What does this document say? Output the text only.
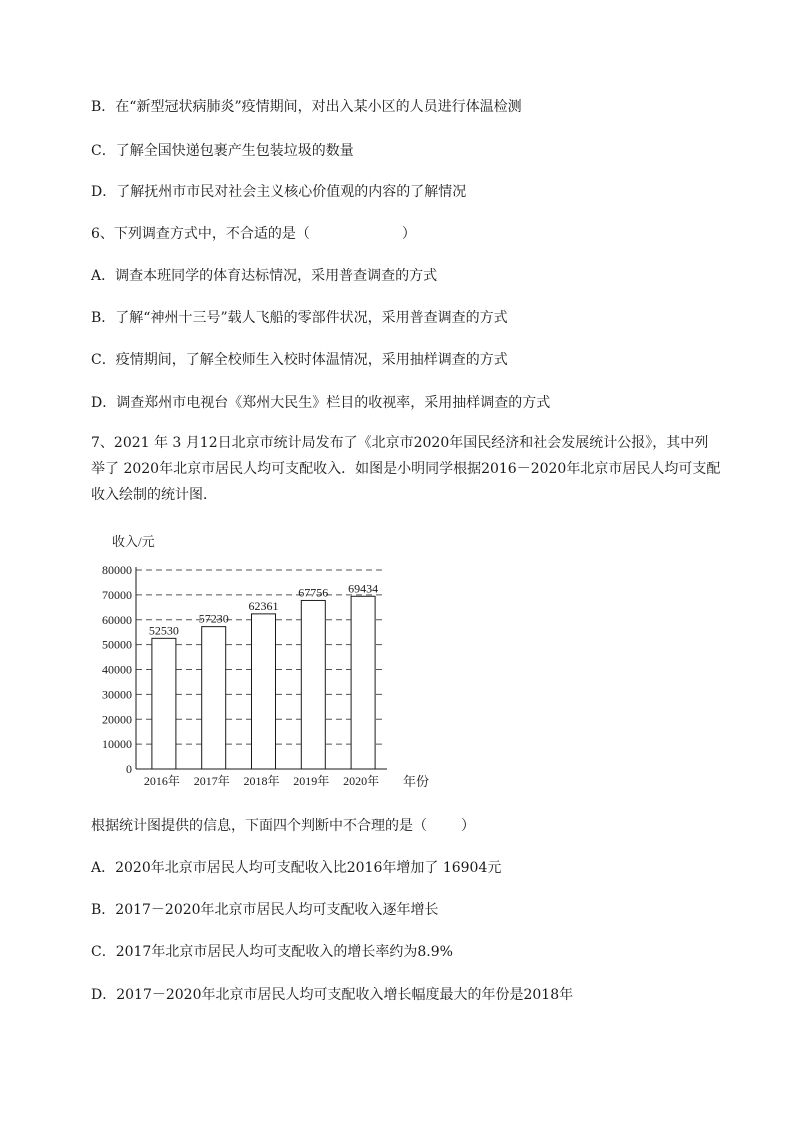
B．在“新型冠状病肺炎”疫情期间，对出入某小区的人员进行体温检测
C．了解全国快递包裹产生包装垃圾的数量
D．了解抚州市市民对社会主义核心价值观的内容的了解情况
6、下列调查方式中，不合适的是（	）
A．调查本班同学的体育达标情况，采用普查调查的方式
B．了解“神州十三号”载人飞船的零部件状况，采用普查调查的方式
C．疫情期间，了解全校师生入校时体温情况，采用抽样调查的方式
D．调查郑州市电视台《郑州大民生》栏目的收视率，采用抽样调查的方式
7、2021 年 3 月12日北京市统计局发布了《北京市2020年国民经济和社会发展统计公报》，其中列
举了 2020年北京市居民人均可支配收入．如图是小明同学根据2016－2020年北京市居民人均可支配
收入绘制的统计图．
0
10000
20000
30000
40000
50000
60000
70000
80000
52530
2016年
57230
2017年
62361
2018年
67756
2019年
69434
2020年
收入/元
年份
根据统计图提供的信息，下面四个判断中不合理的是（ ）
A．2020年北京市居民人均可支配收入比2016年增加了 16904元
B．2017－2020年北京市居民人均可支配收入逐年增长
C．2017年北京市居民人均可支配收入的增长率约为8.9%
D．2017－2020年北京市居民人均可支配收入增长幅度最大的年份是2018年
